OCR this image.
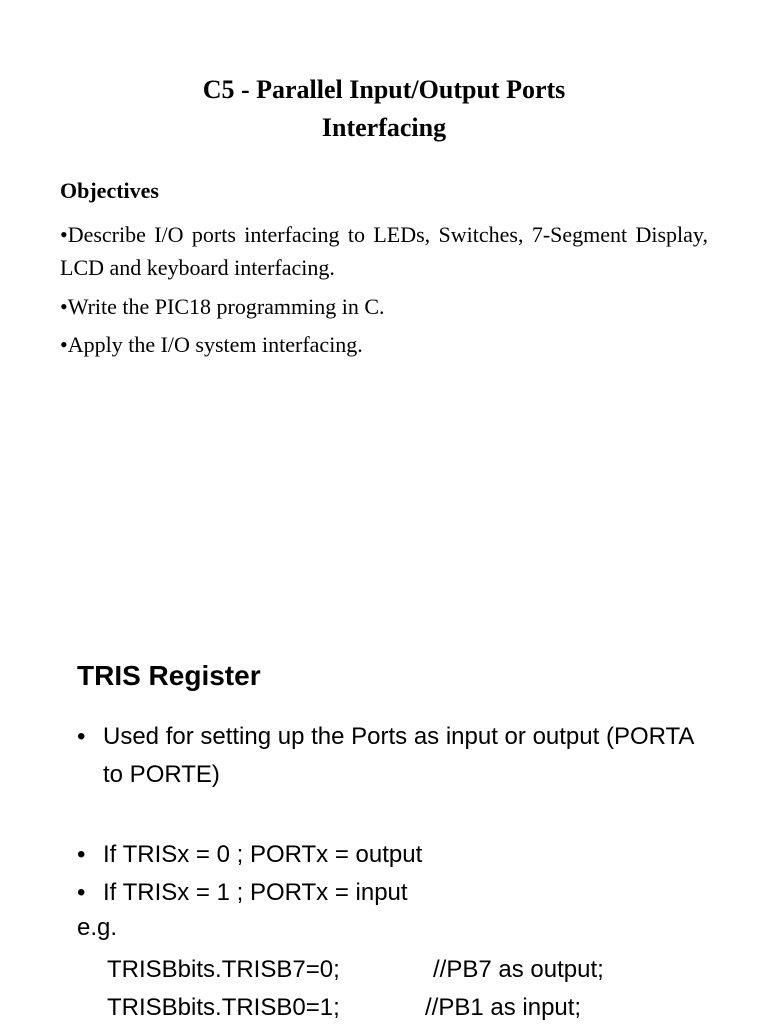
C5 - Parallel Input/Output Ports
Interfacing
Objectives

•Describe I/O ports interfacing to LEDs, Switches, 7-Segment Display, LCD and keyboard interfacing.

•Write the PIC18 programming in C.

•Apply the I/O system interfacing.

TRIS Register
• Used for setting up the Ports as input or output (PORTA to PORTE)
• If TRISx = 0 ; PORTx = output
• If TRISx = 1 ; PORTx = input
e.g.
TRISBbits.TRISB7=0;	//PB7 as output;
TRISBbits.TRISB0=1;	//PB1 as input;
